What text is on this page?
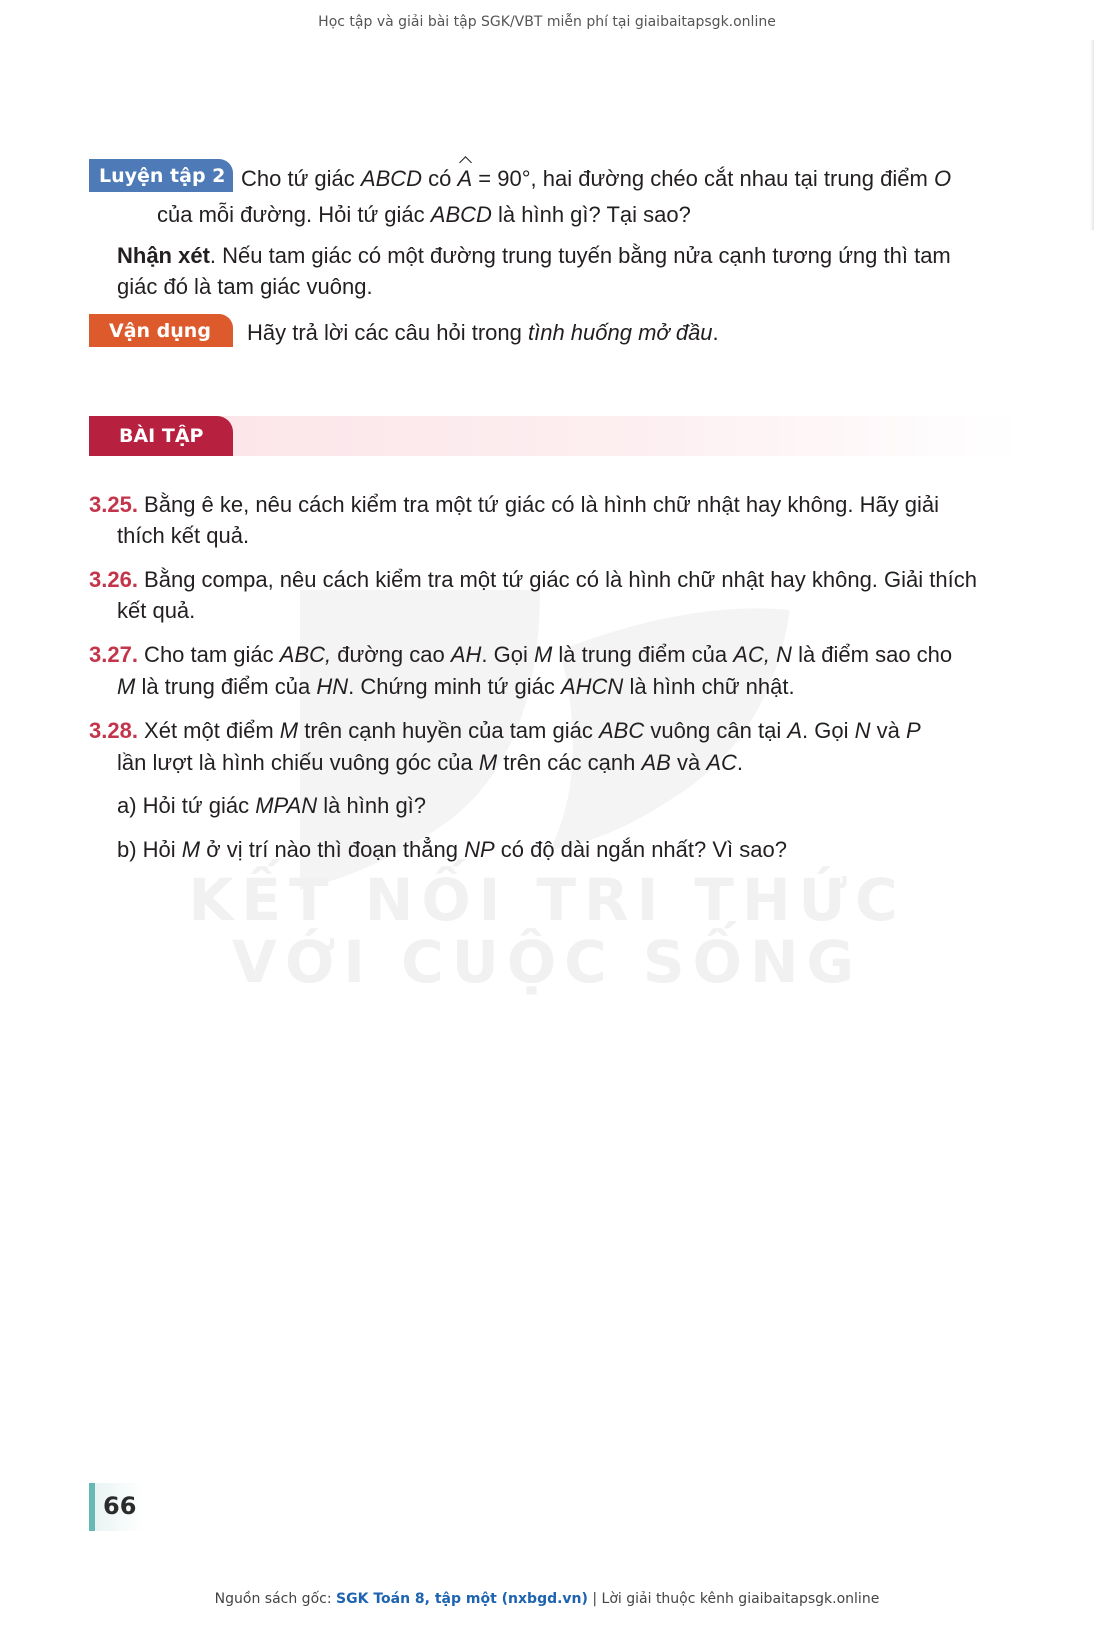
Học tập và giải bài tập SGK/VBT miễn phí tại giaibaitapsgk.online
KẾT NỐI TRI THỨC
VỚI CUỘC SỐNG
Luyện tập 2 Cho tứ giác ABCD có A = 90°, hai đường chéo cắt nhau tại trung điểm O
của mỗi đường. Hỏi tứ giác ABCD là hình gì? Tại sao?
Nhận xét. Nếu tam giác có một đường trung tuyến bằng nửa cạnh tương ứng thì tam
giác đó là tam giác vuông.
Vận dụng	Hãy trả lời các câu hỏi trong tình huống mở đầu.
BÀI TẬP
3.25. Bằng ê ke, nêu cách kiểm tra một tứ giác có là hình chữ nhật hay không. Hãy giải
thích kết quả.
3.26. Bằng compa, nêu cách kiểm tra một tứ giác có là hình chữ nhật hay không. Giải thích
kết quả.
3.27. Cho tam giác ABC, đường cao AH. Gọi M là trung điểm của AC, N là điểm sao cho
M là trung điểm của HN. Chứng minh tứ giác AHCN là hình chữ nhật.
3.28. Xét một điểm M trên cạnh huyền của tam giác ABC vuông cân tại A. Gọi N và P
lần lượt là hình chiếu vuông góc của M trên các cạnh AB và AC.
a) Hỏi tứ giác MPAN là hình gì?
b) Hỏi M ở vị trí nào thì đoạn thẳng NP có độ dài ngắn nhất? Vì sao?
66
Nguồn sách gốc: SGK Toán 8, tập một (nxbgd.vn) | Lời giải thuộc kênh giaibaitapsgk.online
